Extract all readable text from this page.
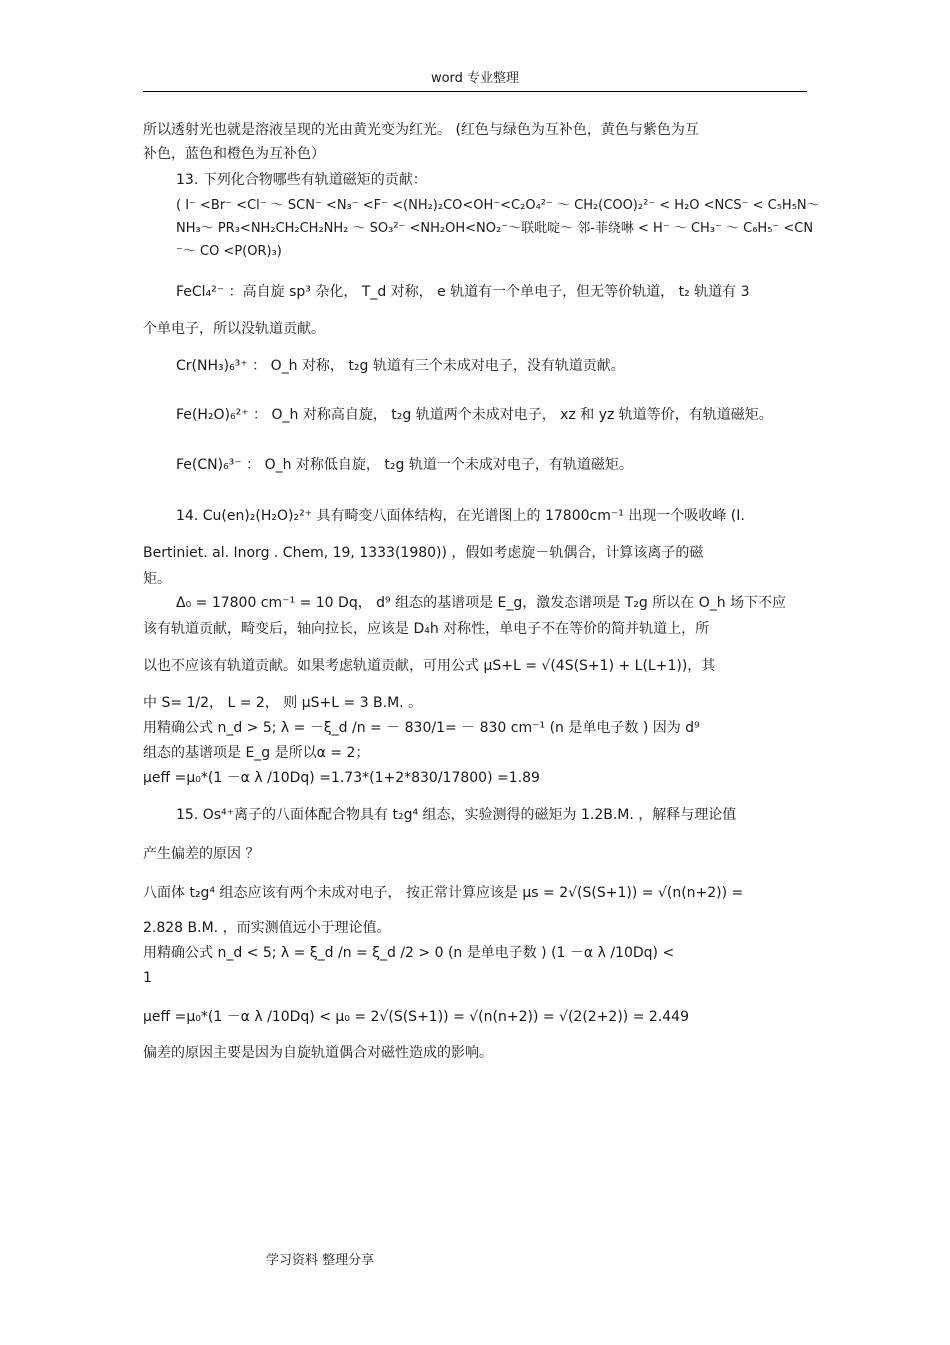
word 专业整理
所以透射光也就是溶液呈现的光由黄光变为红光。 (红色与绿色为互补色，黄色与紫色为互
补色，蓝色和橙色为互补色）
13. 下列化合物哪些有轨道磁矩的贡献：
( I⁻ <Br⁻ <Cl⁻ ～ SCN⁻ <N₃⁻ <F⁻ <(NH₂)₂CO<OH⁻<C₂O₄²⁻ ～ CH₂(COO)₂²⁻ < H₂O <NCS⁻ < C₅H₅N～
NH₃～ PR₃<NH₂CH₂CH₂NH₂ ～ SO₃²⁻ <NH₂OH<NO₂⁻～联吡啶～ 邻-菲绕啉 < H⁻ ～ CH₃⁻ ～ C₆H₅⁻ <CN
⁻～ CO <P(OR)₃)
FeCl₄²⁻ ：高自旋 sp³ 杂化， T_d 对称， e 轨道有一个单电子，但无等价轨道， t₂ 轨道有 3
个单电子，所以没轨道贡献。
Cr(NH₃)₆³⁺ ： O_h 对称， t₂g 轨道有三个未成对电子，没有轨道贡献。
Fe(H₂O)₆²⁺ ： O_h 对称高自旋， t₂g 轨道两个未成对电子， xz 和 yz 轨道等价，有轨道磁矩。
Fe(CN)₆³⁻ ： O_h 对称低自旋， t₂g 轨道一个未成对电子，有轨道磁矩。
14. Cu(en)₂(H₂O)₂²⁺ 具有畸变八面体结构，在光谱图上的 17800cm⁻¹ 出现一个吸收峰 (I.
Bertiniet. al. Inorg . Chem, 19, 1333(1980)) ，假如考虑旋－轨偶合，计算该离子的磁
矩。
Δ₀ = 17800 cm⁻¹ = 10 Dq， d⁹ 组态的基谱项是 E_g，激发态谱项是 T₂g 所以在 O_h 场下不应
该有轨道贡献，畸变后，轴向拉长，应该是 D₄h 对称性，单电子不在等价的简并轨道上，所
以也不应该有轨道贡献。如果考虑轨道贡献，可用公式 μS+L = √(4S(S+1) + L(L+1))，其
中 S= 1/2， L = 2， 则 μS+L = 3 B.M. 。
用精确公式 n_d > 5; λ = －ξ_d /n = － 830/1= － 830 cm⁻¹ (n 是单电子数 ) 因为 d⁹
组态的基谱项是 E_g 是所以α = 2；
μeff =μ₀*(1 －α λ /10Dq) =1.73*(1+2*830/17800) =1.89
15. Os⁴⁺离子的八面体配合物具有 t₂g⁴ 组态，实验测得的磁矩为 1.2B.M. ，解释与理论值
产生偏差的原因 ？
八面体 t₂g⁴ 组态应该有两个未成对电子， 按正常计算应该是 μs = 2√(S(S+1)) = √(n(n+2)) =
2.828 B.M. ，而实测值远小于理论值。
用精确公式 n_d < 5; λ = ξ_d /n = ξ_d /2 > 0 (n 是单电子数 ) (1 －α λ /10Dq) <
1
μeff =μ₀*(1 －α λ /10Dq) < μ₀ = 2√(S(S+1)) = √(n(n+2)) = √(2(2+2)) = 2.449
偏差的原因主要是因为自旋轨道偶合对磁性造成的影响。
学习资料 整理分享
